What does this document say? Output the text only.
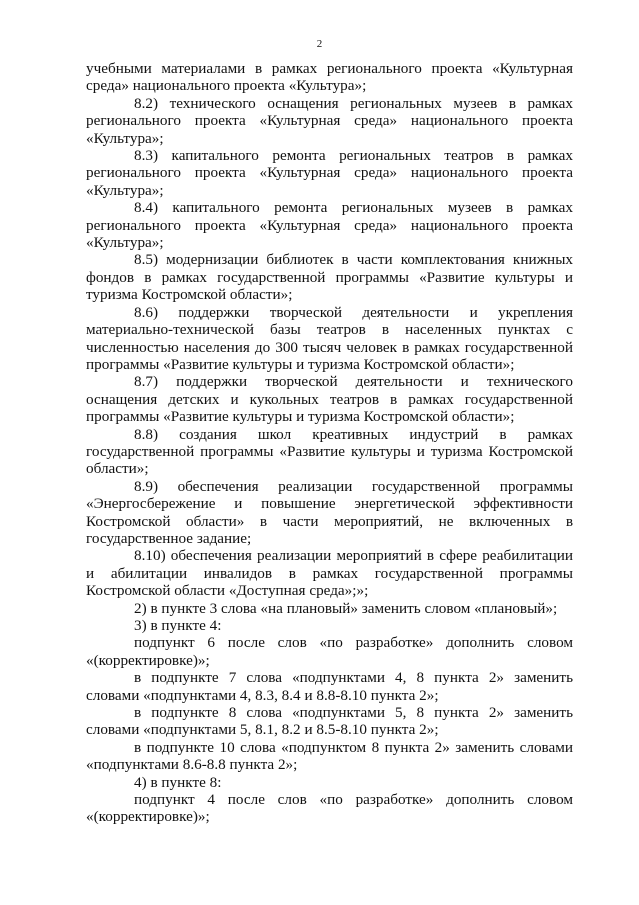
2

учебными материалами в рамках регионального проекта «Культурная среда» национального проекта «Культура»;

8.2) технического оснащения региональных музеев в рамках регионального проекта «Культурная среда» национального проекта «Культура»;

8.3) капитального ремонта региональных театров в рамках регионального проекта «Культурная среда» национального проекта «Культура»;

8.4) капитального ремонта региональных музеев в рамках регионального проекта «Культурная среда» национального проекта «Культура»;

8.5) модернизации библиотек в части комплектования книжных фондов в рамках государственной программы «Развитие культуры и туризма Костромской области»;

8.6) поддержки творческой деятельности и укрепления материально-технической базы театров в населенных пунктах с численностью населения до 300 тысяч человек в рамках государственной программы «Развитие культуры и туризма Костромской области»;

8.7) поддержки творческой деятельности и технического оснащения детских и кукольных театров в рамках государственной программы «Развитие культуры и туризма Костромской области»;

8.8) создания школ креативных индустрий в рамках государственной программы «Развитие культуры и туризма Костромской области»;

8.9) обеспечения реализации государственной программы «Энергосбережение и повышение энергетической эффективности Костромской области» в части мероприятий, не включенных в государственное задание;

8.10) обеспечения реализации мероприятий в сфере реабилитации и абилитации инвалидов в рамках государственной программы Костромской области «Доступная среда»;»;

2) в пункте 3 слова «на плановый» заменить словом «плановый»;

3) в пункте 4:

подпункт 6 после слов «по разработке» дополнить словом «(корректировке)»;

в подпункте 7 слова «подпунктами 4, 8 пункта 2» заменить словами «подпунктами 4, 8.3, 8.4 и 8.8-8.10 пункта 2»;

в подпункте 8 слова «подпунктами 5, 8 пункта 2» заменить словами «подпунктами 5, 8.1, 8.2 и 8.5-8.10 пункта 2»;

в подпункте 10 слова «подпунктом 8 пункта 2» заменить словами «подпунктами 8.6-8.8 пункта 2»;

4) в пункте 8:

подпункт 4 после слов «по разработке» дополнить словом «(корректировке)»;
